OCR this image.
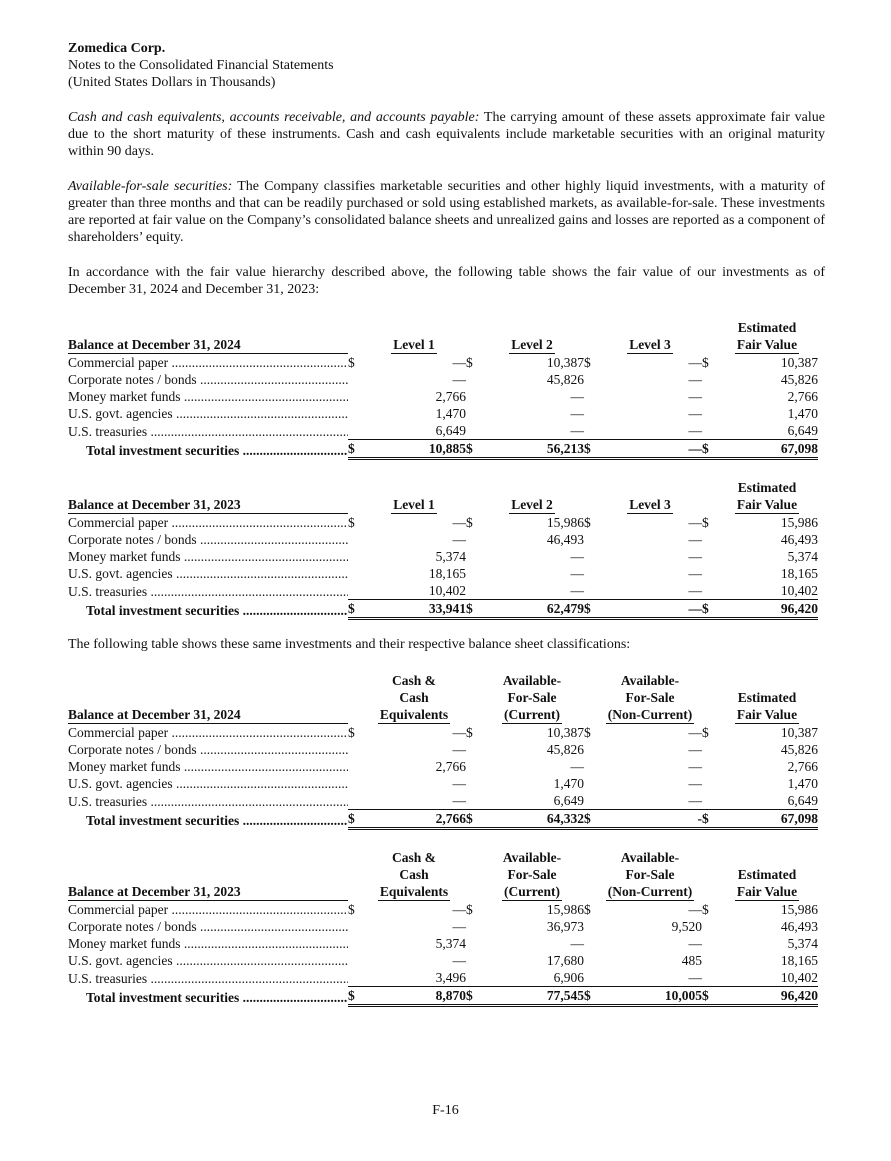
Zomedica Corp.
Notes to the Consolidated Financial Statements
(United States Dollars in Thousands)

Cash and cash equivalents, accounts receivable, and accounts payable: The carrying amount of these assets approximate fair value due to the short maturity of these instruments. Cash and cash equivalents include marketable securities with an original maturity within 90 days.

Available-for-sale securities: The Company classifies marketable securities and other highly liquid investments, with a maturity of greater than three months and that can be readily purchased or sold using established markets, as available-for-sale. These investments are reported at fair value on the Company’s consolidated balance sheets and unrealized gains and losses are reported as a component of shareholders’ equity.

In accordance with the fair value hierarchy described above, the following table shows the fair value of our investments as of December 31, 2024 and December 31, 2023:

								Estimated
Balance at December 31, 2024		Level 1		Level 2		Level 3		Fair Value
Commercial paper .....	$	—	$	10,387	$	—	$	10,387
Corporate notes / bonds .....		—		45,826		—		45,826
Money market funds .....		2,766		—		—		2,766
U.S. govt. agencies .....		1,470		—		—		1,470
U.S. treasuries .....		6,649		—		—		6,649
Total investment securities .....	$	10,885	$	56,213	$	—	$	67,098
								Estimated
Balance at December 31, 2023		Level 1		Level 2		Level 3		Fair Value
Commercial paper .....	$	—	$	15,986	$	—	$	15,986
Corporate notes / bonds .....		—		46,493		—		46,493
Money market funds .....		5,374		—		—		5,374
U.S. govt. agencies .....		18,165		—		—		18,165
U.S. treasuries .....		10,402		—		—		10,402
Total investment securities .....	$	33,941	$	62,479	$	—	$	96,420

The following table shows these same investments and their respective balance sheet classifications:

		Cash &		Available-		Available-		
		Cash		For-Sale		For-Sale		Estimated
Balance at December 31, 2024		Equivalents		(Current)		(Non-Current)		Fair Value
Commercial paper .....	$	—	$	10,387	$	—	$	10,387
Corporate notes / bonds .....		—		45,826		—		45,826
Money market funds .....		2,766		—		—		2,766
U.S. govt. agencies .....		—		1,470		—		1,470
U.S. treasuries .....		—		6,649		—		6,649
Total investment securities .....	$	2,766	$	64,332	$	-	$	67,098
		Cash &		Available-		Available-		
		Cash		For-Sale		For-Sale		Estimated
Balance at December 31, 2023		Equivalents		(Current)		(Non-Current)		Fair Value
Commercial paper .....	$	—	$	15,986	$	—	$	15,986
Corporate notes / bonds .....		—		36,973		9,520		46,493
Money market funds .....		5,374		—		—		5,374
U.S. govt. agencies .....		—		17,680		485		18,165
U.S. treasuries .....		3,496		6,906		—		10,402
Total investment securities .....	$	8,870	$	77,545	$	10,005	$	96,420
F-16
